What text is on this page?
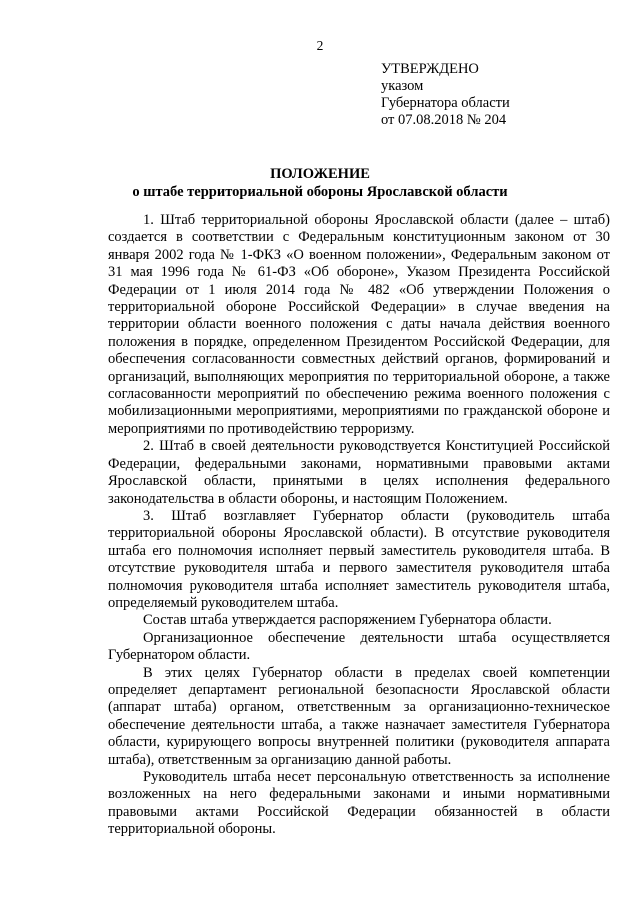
2
УТВЕРЖДЕНО
указом
Губернатора области
от 07.08.2018 № 204
ПОЛОЖЕНИЕ
о штабе территориальной обороны Ярославской области

1. Штаб территориальной обороны Ярославской области (далее – штаб) создается в соответствии с Федеральным конституционным законом от 30 января 2002 года № 1-ФКЗ «О военном положении», Федеральным законом от 31 мая 1996 года № 61-ФЗ «Об обороне», Указом Президента Российской Федерации от 1 июля 2014 года № 482 «Об утверждении Положения о территориальной обороне Российской Федерации» в случае введения на территории области военного положения с даты начала действия военного положения в порядке, определенном Президентом Российской Федерации, для обеспечения согласованности совместных действий органов, формирований и организаций, выполняющих мероприятия по территориальной обороне, а также согласованности мероприятий по обеспечению режима военного положения с мобилизационными мероприятиями, мероприятиями по гражданской обороне и мероприятиями по противодействию терроризму.

2. Штаб в своей деятельности руководствуется Конституцией Российской Федерации, федеральными законами, нормативными правовыми актами Ярославской области, принятыми в целях исполнения федерального законодательства в области обороны, и настоящим Положением.

3. Штаб возглавляет Губернатор области (руководитель штаба территориальной обороны Ярославской области). В отсутствие руководителя штаба его полномочия исполняет первый заместитель руководителя штаба. В отсутствие руководителя штаба и первого заместителя руководителя штаба полномочия руководителя штаба исполняет заместитель руководителя штаба, определяемый руководителем штаба.

Состав штаба утверждается распоряжением Губернатора области.

Организационное обеспечение деятельности штаба осуществляется Губернатором области.

В этих целях Губернатор области в пределах своей компетенции определяет департамент региональной безопасности Ярославской области (аппарат штаба) органом, ответственным за организационно-техническое обеспечение деятельности штаба, а также назначает заместителя Губернатора области, курирующего вопросы внутренней политики (руководителя аппарата штаба), ответственным за организацию данной работы.

Руководитель штаба несет персональную ответственность за исполнение возложенных на него федеральными законами и иными нормативными правовыми актами Российской Федерации обязанностей в области территориальной обороны.
